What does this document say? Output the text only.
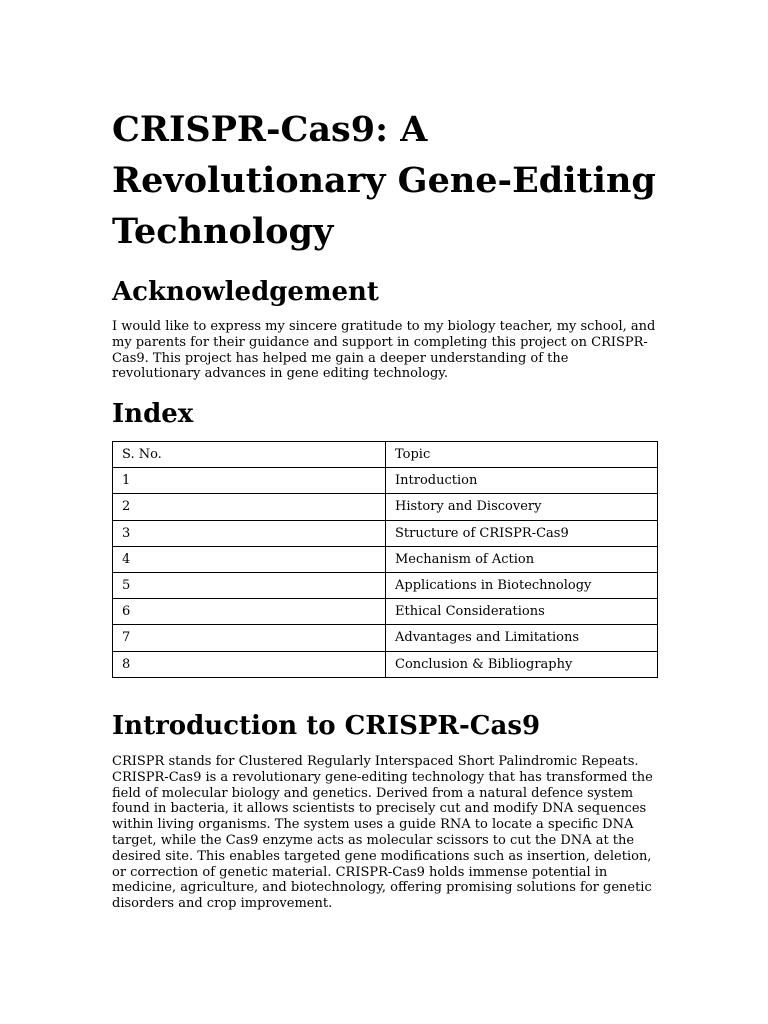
CRISPR-Cas9: A Revolutionary Gene-Editing Technology
Acknowledgement

I would like to express my sincere gratitude to my biology teacher, my school, and my parents for their guidance and support in completing this project on CRISPR-Cas9. This project has helped me gain a deeper understanding of the revolutionary advances in gene editing technology.

Index
S. No.	Topic
1	Introduction
2	History and Discovery
3	Structure of CRISPR-Cas9
4	Mechanism of Action
5	Applications in Biotechnology
6	Ethical Considerations
7	Advantages and Limitations
8	Conclusion & Bibliography
Introduction to CRISPR-Cas9

CRISPR stands for Clustered Regularly Interspaced Short Palindromic Repeats. CRISPR-Cas9 is a revolutionary gene-editing technology that has transformed the field of molecular biology and genetics. Derived from a natural defence system found in bacteria, it allows scientists to precisely cut and modify DNA sequences within living organisms. The system uses a guide RNA to locate a specific DNA target, while the Cas9 enzyme acts as molecular scissors to cut the DNA at the desired site. This enables targeted gene modifications such as insertion, deletion, or correction of genetic material. CRISPR-Cas9 holds immense potential in medicine, agriculture, and biotechnology, offering promising solutions for genetic disorders and crop improvement.
